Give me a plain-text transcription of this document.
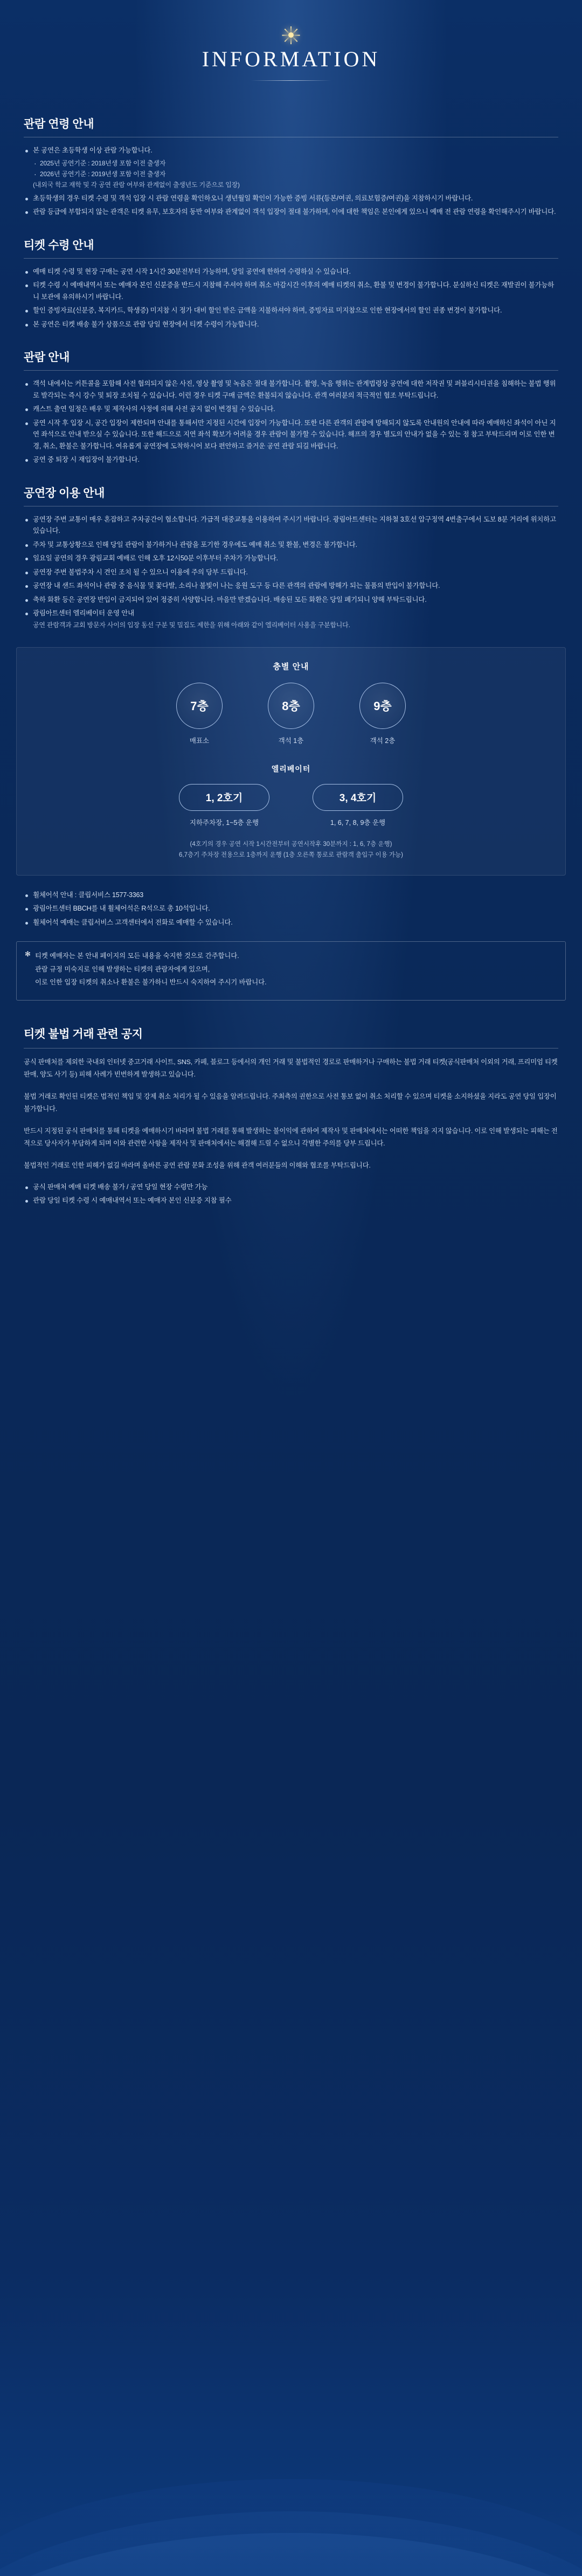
INFORMATION
관람 연령 안내
본 공연은 초등학생 이상 관람 가능합니다.
· 2025년 공연기준 : 2018년생 포함 이전 출생자
· 2026년 공연기준 : 2019년생 포함 이전 출생자
(내외국 학교 재학 및 각 공연 관람 여부와 관계없이 출생년도 기준으로 입장)
초등학생의 경우 티켓 수령 및 객석 입장 시 관람 연령을 확인하오니 생년월일 확인이 가능한 증빙 서류(등본/여권, 의료보험증/여권)을 지참하시기 바랍니다.
관람 등급에 부합되지 않는 관객은 티켓 유무, 보호자의 동반 여부와 관계없이 객석 입장이 절대 불가하며, 이에 대한 책임은 본인에게 있으니 예매 전 관람 연령을 확인해주시기 바랍니다.
티켓 수령 안내
예매 티켓 수령 및 현장 구매는 공연 시작 1시간 30분전부터 가능하며, 당일 공연에 한하여 수령하실 수 있습니다.
티켓 수령 시 예매내역서 또는 예매자 본인 신분증을 반드시 지참해 주셔야 하며 취소 마감시간 이후의 예매 티켓의 취소, 환불 및 변경이 불가합니다. 분실하신 티켓은 재발권이 불가능하니 보관에 유의하시기 바랍니다.
할인 증빙자료(신분증, 복지카드, 학생증) 미지참 시 정가 대비 할인 받은 금액을 지불하셔야 하며, 증빙자료 미지참으로 인한 현장에서의 할인 권종 변경이 불가합니다.
본 공연은 티켓 배송 불가 상품으로 관람 당일 현장에서 티켓 수령이 가능합니다.
관람 안내
객석 내에서는 커튼콜을 포함해 사전 협의되지 않은 사진, 영상 촬영 및 녹음은 절대 불가합니다. 촬영, 녹음 행위는 관계법령상 공연에 대한 저작권 및 퍼블리시티권을 침해하는 불법 행위로 발각되는 즉시 강수 및 퇴장 조치될 수 있습니다. 이런 경우 티켓 구매 금액은 환불되지 않습니다. 관객 여러분의 적극적인 협조 부탁드립니다.
캐스트 출연 일정은 배우 및 제작사의 사정에 의해 사전 공지 없이 변경될 수 있습니다.
공연 시작 후 입장 시, 공간 입장이 제한되며 안내를 통해서만 지정된 시간에 입장이 가능합니다. 또한 다른 관객의 관람에 방해되지 않도록 안내원의 안내에 따라 예매하신 좌석이 아닌 지연 좌석으로 안내 받으실 수 있습니다. 또한 해드으로 지연 좌석 확보가 어려울 경우 관람이 불가할 수 있습니다. 해프의 경우 별도의 안내가 없을 수 있는 점 참고 부탁드리며 이로 인한 변경, 취소, 환불은 불가합니다. 여유롭게 공연장에 도착하시어 보다 편안하고 즐거운 공연 관람 되길 바랍니다.
공연 중 퇴장 시 재입장이 불가합니다.
공연장 이용 안내
공연장 주변 교통이 매우 혼잡하고 주차공간이 협소합니다. 가급적 대중교통을 이용하여 주시기 바랍니다. 광림아트센터는 지하철 3호선 압구정역 4번출구에서 도보 8분 거리에 위치하고 있습니다.
주차 및 교통상황으로 인해 당일 관람이 불가하거나 관람을 포기한 경우에도 예매 취소 및 환불, 변경은 불가합니다.
일요일 공연의 경우 광림교회 예배로 인해 오후 12시50분 이후부터 주차가 가능합니다.
공연장 주변 불법주차 시 견인 조치 될 수 있으니 이용에 주의 당부 드립니다.
공연장 내 샌드 좌석이나 관람 중 음식물 및 꽃다발, 소리나 불빛이 나는 응원 도구 등 다른 관객의 관람에 방해가 되는 물품의 반입이 불가합니다.
축하 화환 등은 공연장 반입이 금지되어 있어 정중히 사양합니다. 마음만 받겠습니다. 배송된 모든 화환은 당일 폐기되니 양해 부탁드립니다.
광림아트센터 엘리베이터 운영 안내
공연 관람객과 교회 방문자 사이의 입장 동선 구분 및 밀집도 제한을 위해 아래와 같이 엘리베이터 사용을 구분합니다.
층별 안내
7층
매표소
8층
객석 1층
9층
객석 2층
엘리베이터
1, 2호기
지하주차장, 1~5층 운행
3, 4호기
1, 6, 7, 8, 9층 운행
(4호기의 경우 공연 시작 1시간전부터 공연시작후 30분까지 : 1, 6, 7층 운행)
6,7층기 주차장 전용으로 1층까지 운행 (1층 오른쪽 통로로 관람객 출입구 이용 가능)
휠체어석 안내 : 클립서비스 1577-3363
광림아트센터 BBCH를 내 휠체어석은 R석으로 총 10석입니다.
휠체어석 예매는 클립서비스 고객센터에서 전화로 예매할 수 있습니다.
✻ 티켓 예매자는 본 안내 페이지의 모든 내용을 숙지한 것으로 간주합니다.

관람 규정 미숙지로 인해 발생하는 티켓의 관람자에게 있으며,

이로 인한 입장 티켓의 취소나 환불은 불가하니 반드시 숙지하여 주시기 바랍니다.

티켓 불법 거래 관련 공지

공식 판매처를 제외한 국내외 인터넷 중고거래 사이트, SNS, 카페, 블로그 등에서의 개인 거래 및 불법적인 경로로 판매하거나 구매하는 불법 거래 티켓(공식판매처 이외의 거래, 프리미엄 티켓 판매, 양도 사기 등) 피해 사례가 빈번하게 발생하고 있습니다.

불법 거래로 확인된 티켓은 법적인 책임 및 강제 취소 처리가 될 수 있음을 알려드립니다. 주최측의 권한으로 사전 통보 없이 취소 처리할 수 있으며 티켓을 소지하셨을 지라도 공연 당일 입장이 불가합니다.

반드시 지정된 공식 판매처를 통해 티켓을 예매하시기 바라며 불법 거래를 통해 발생하는 불이익에 관하여 제작사 및 판매처에서는 어떠한 책임을 지지 않습니다. 이로 인해 발생되는 피해는 전적으로 당사자가 부담하게 되며 이와 관련한 사항을 제작사 및 판매처에서는 해결해 드릴 수 없으니 각별한 주의를 당부 드립니다.

불법적인 거래로 인한 피해가 없길 바라며 올바른 공연 관람 문화 조성을 위해 관객 여러분들의 이해와 협조를 부탁드립니다.

공식 판매처 예매 티켓 배송 불가 / 공연 당일 현장 수령만 가능
관람 당일 티켓 수령 시 예매내역서 또는 예매자 본인 신분증 지참 필수
